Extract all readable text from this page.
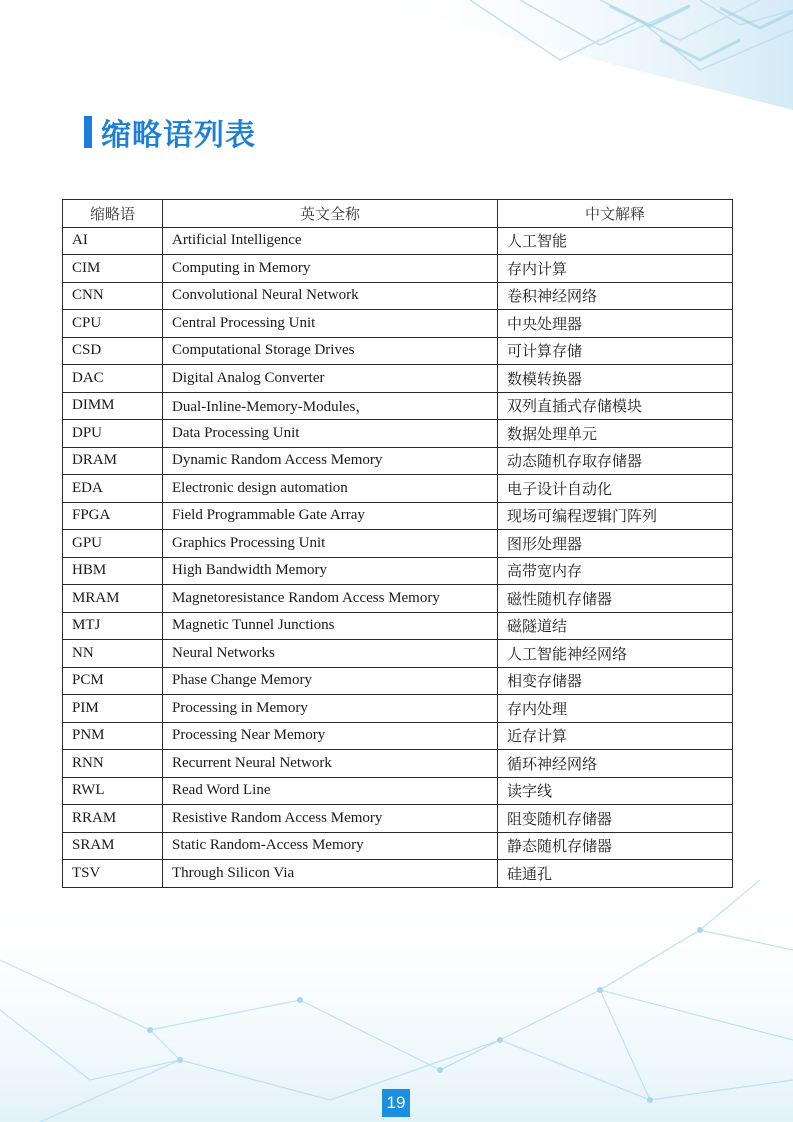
缩略语列表
缩略语	英文全称	中文解释
AI	Artificial Intelligence	人工智能
CIM	Computing in Memory	存内计算
CNN	Convolutional Neural Network	卷积神经网络
CPU	Central Processing Unit	中央处理器
CSD	Computational Storage Drives	可计算存储
DAC	Digital Analog Converter	数模转换器
DIMM	Dual-Inline-Memory-Modules，	双列直插式存储模块
DPU	Data Processing Unit	数据处理单元
DRAM	Dynamic Random Access Memory	动态随机存取存储器
EDA	Electronic design automation	电子设计自动化
FPGA	Field Programmable Gate Array	现场可编程逻辑门阵列
GPU	Graphics Processing Unit	图形处理器
HBM	High Bandwidth Memory	高带宽内存
MRAM	Magnetoresistance Random Access Memory	磁性随机存储器
MTJ	Magnetic Tunnel Junctions	磁隧道结
NN	Neural Networks	人工智能神经网络
PCM	Phase Change Memory	相变存储器
PIM	Processing in Memory	存内处理
PNM	Processing Near Memory	近存计算
RNN	Recurrent Neural Network	循环神经网络
RWL	Read Word Line	读字线
RRAM	Resistive Random Access Memory	阻变随机存储器
SRAM	Static Random-Access Memory	静态随机存储器
TSV	Through Silicon Via	硅通孔
19
